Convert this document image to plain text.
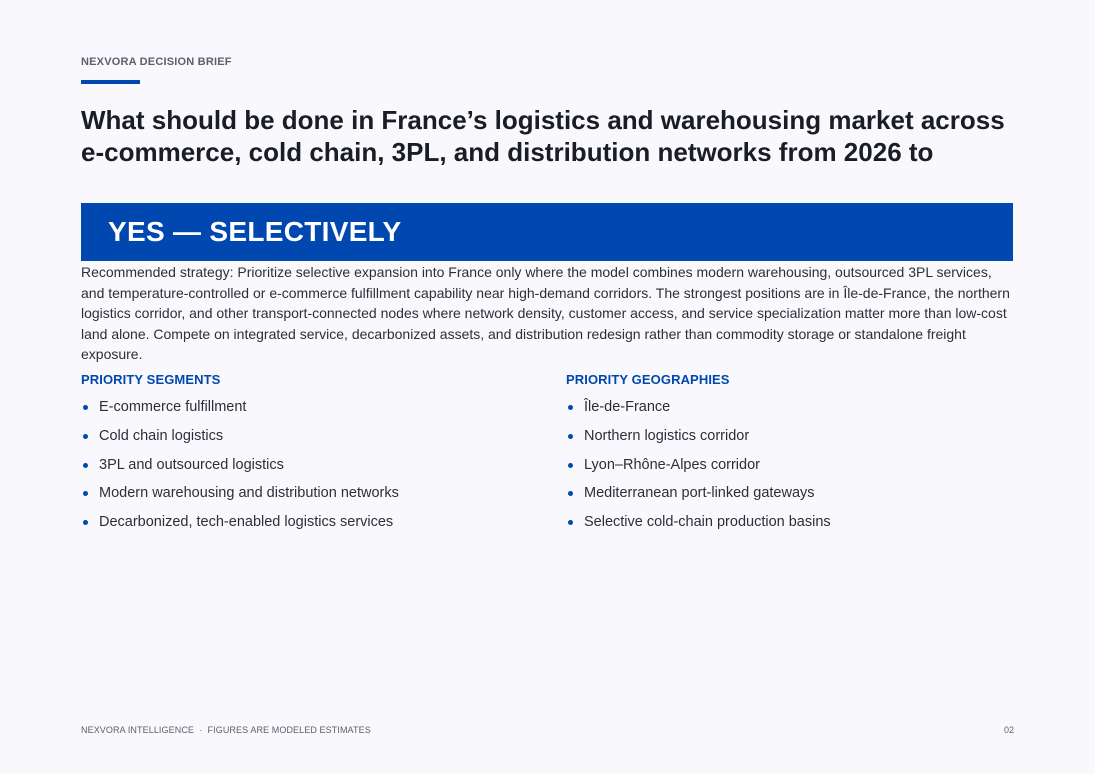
NEXVORA DECISION BRIEF
What should be done in France’s logistics and warehousing market across e-commerce, cold chain, 3PL, and distribution networks from 2026 to
YES — SELECTIVELY

Recommended strategy: Prioritize selective expansion into France only where the model combines modern warehousing, outsourced 3PL services, and temperature-controlled or e-commerce fulfillment capability near high-demand corridors. The strongest positions are in Île-de-France, the northern logistics corridor, and other transport-connected nodes where network density, customer access, and service specialization matter more than low-cost land alone. Compete on integrated service, decarbonized assets, and distribution redesign rather than commodity storage or standalone freight exposure.

PRIORITY SEGMENTS
E-commerce fulfillment
Cold chain logistics
3PL and outsourced logistics
Modern warehousing and distribution networks
Decarbonized, tech-enabled logistics services
PRIORITY GEOGRAPHIES
Île-de-France
Northern logistics corridor
Lyon–Rhône-Alpes corridor
Mediterranean port-linked gateways
Selective cold-chain production basins
NEXVORA INTELLIGENCE  ·  FIGURES ARE MODELED ESTIMATES	02
